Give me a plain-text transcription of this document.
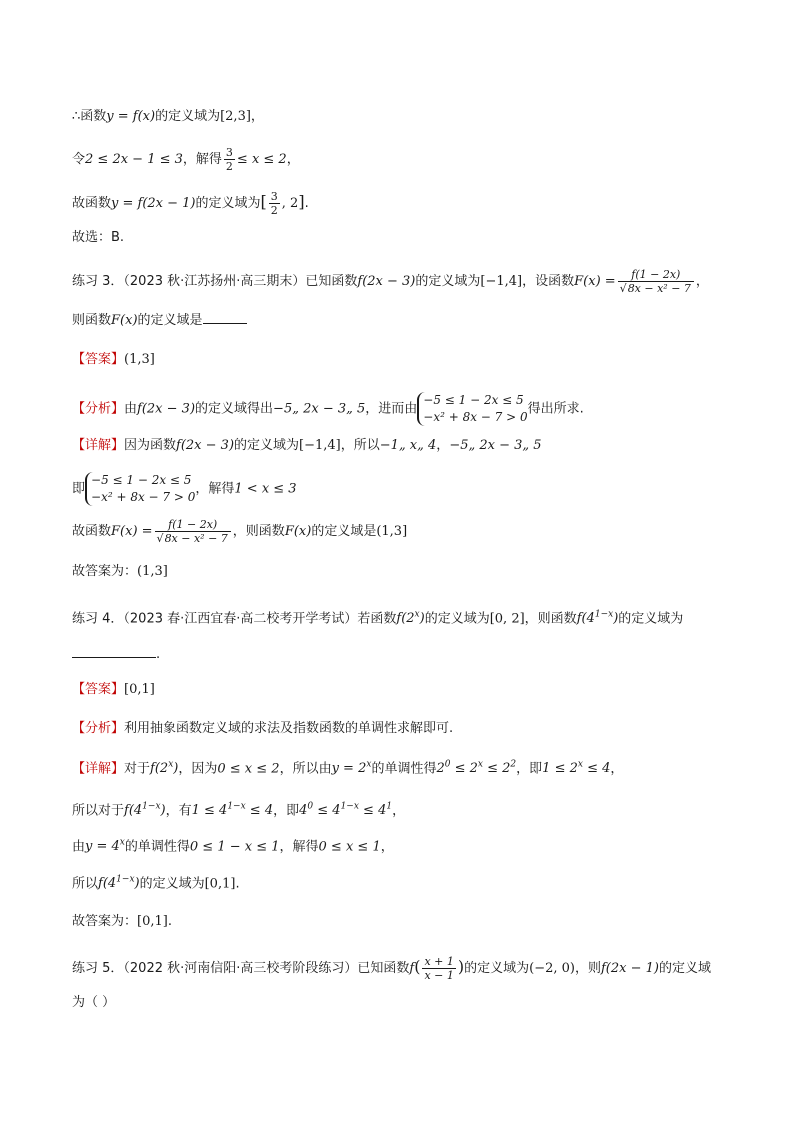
∴函数y = f(x)的定义域为[2,3]，
令2 ≤ 2x − 1 ≤ 3，解得 $\frac{3}{2} \le x \le 2$，
故函数y = f(2x − 1)的定义域为[ $\frac{3}{2}$ , 2].
故选：B.
练习 3．（2023 秋·江苏扬州·高三期末）已知函数f(2x − 3)的定义域为[−1,4]，设函数$F(x) = \frac{f(1 - 2x)}{\text{√8x − x² − 7}}$ ，
则函数F(x)的定义域是
【答案】(1,3]
【分析】由f(2x − 3)的定义域得出−5„ 2x − 3„ 5，进而由
−5 ≤ 1 − 2x ≤ 5
−x² + 8x − 7 > 0
得出所求.
【详解】因为函数f(2x − 3)的定义域为[−1,4]，所以−1„ x„ 4，−5„ 2x − 3„ 5
即
−5 ≤ 1 − 2x ≤ 5
−x² + 8x − 7 > 0
，解得1 < x ≤ 3
故函数$F(x) = \frac{f(1 - 2x)}{\text{√8x − x² − 7}}$ ，则函数F(x)的定义域是(1,3]
故答案为：(1,3]
练习 4．（2023 春·江西宜春·高二校考开学考试）若函数f(2$^x$)的定义域为[0, 2]，则函数$f(4^{1-x})$的定义域为
.
【答案】[0,1]
【分析】利用抽象函数定义域的求法及指数函数的单调性求解即可.
【详解】对于f(2$^x$)，因为0 ≤ x ≤ 2，所以由$y = 2^x$的单调性得$2^0 \le 2^x \le 2^2$，即$1 \le 2^x \le 4$，
所以对于$f(4^{1-x})$，有$1 \le 4^{1-x} \le 4$，即$4^0 \le 4^{1-x} \le 4^1$，
由$y = 4^x$的单调性得0 ≤ 1 − x ≤ 1，解得0 ≤ x ≤ 1，
所以$f(4^{1-x})$的定义域为[0,1].
故答案为：[0,1].
练习 5．（2022 秋·河南信阳·高三校考阶段练习）已知函数$f( \frac{x + 1}{x - 1}$ )的定义域为(−2, 0)，则f(2x − 1)的定义域
为（ ）
